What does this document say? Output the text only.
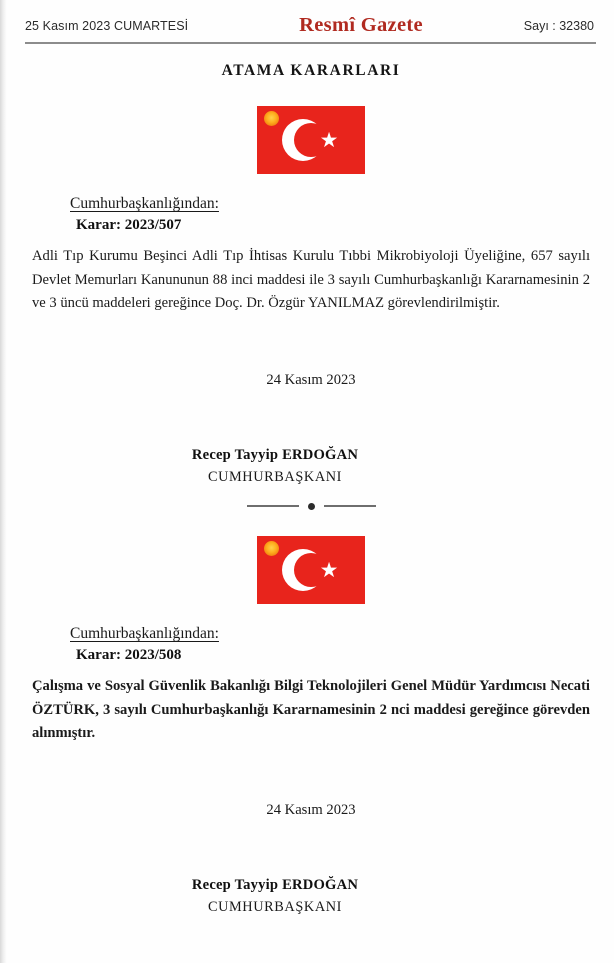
25 Kasım 2023 CUMARTESİ	Resmî Gazete	Sayı : 32380
ATAMA KARARLARI
★
Cumhurbaşkanlığından:
Karar: 2023/507
Adli Tıp Kurumu Beşinci Adli Tıp İhtisas Kurulu Tıbbi Mikrobiyoloji Üyeliğine, 657 sayılı Devlet Memurları Kanununun 88 inci maddesi ile 3 sayılı Cumhurbaşkanlığı Kararnamesinin 2 ve 3 üncü maddeleri gereğince Doç. Dr. Özgür YANILMAZ görevlendirilmiştir.
24 Kasım 2023
Recep Tayyip ERDOĞAN
CUMHURBAŞKANI
★
Cumhurbaşkanlığından:
Karar: 2023/508
Çalışma ve Sosyal Güvenlik Bakanlığı Bilgi Teknolojileri Genel Müdür Yardımcısı Necati ÖZTÜRK, 3 sayılı Cumhurbaşkanlığı Kararnamesinin 2 nci maddesi gereğince görevden alınmıştır.
24 Kasım 2023
Recep Tayyip ERDOĞAN
CUMHURBAŞKANI
